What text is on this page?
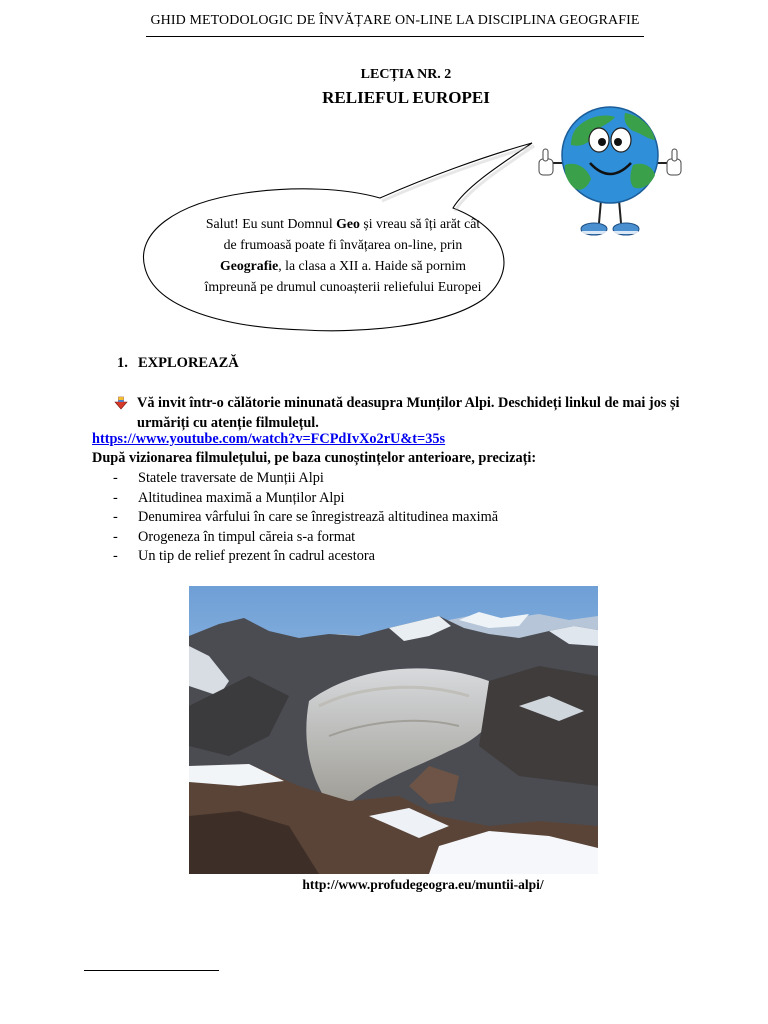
GHID METODOLOGIC DE ÎNVĂȚARE ON-LINE LA DISCIPLINA GEOGRAFIE
LECȚIA NR. 2
RELIEFUL EUROPEI
Salut! Eu sunt Domnul Geo și vreau să îți arăt cât
de frumoasă poate fi învățarea on-line, prin
Geografie, la clasa a XII a. Haide să pornim
împreună pe drumul cunoașterii reliefului Europei
1. EXPLOREAZĂ
Vă invit într-o călătorie minunată deasupra Munților Alpi. Deschideți linkul de mai jos și urmăriți cu atenție filmulețul.
https://www.youtube.com/watch?v=FCPdIvXo2rU&t=35s
După vizionarea filmulețului, pe baza cunoștințelor anterioare, precizați:
- Statele traversate de Munții Alpi
- Altitudinea maximă a Munților Alpi
- Denumirea vârfului în care se înregistrează altitudinea maximă
- Orogeneza în timpul căreia s-a format
- Un tip de relief prezent în cadrul acestora
http://www.profudegeogra.eu/muntii-alpi/
